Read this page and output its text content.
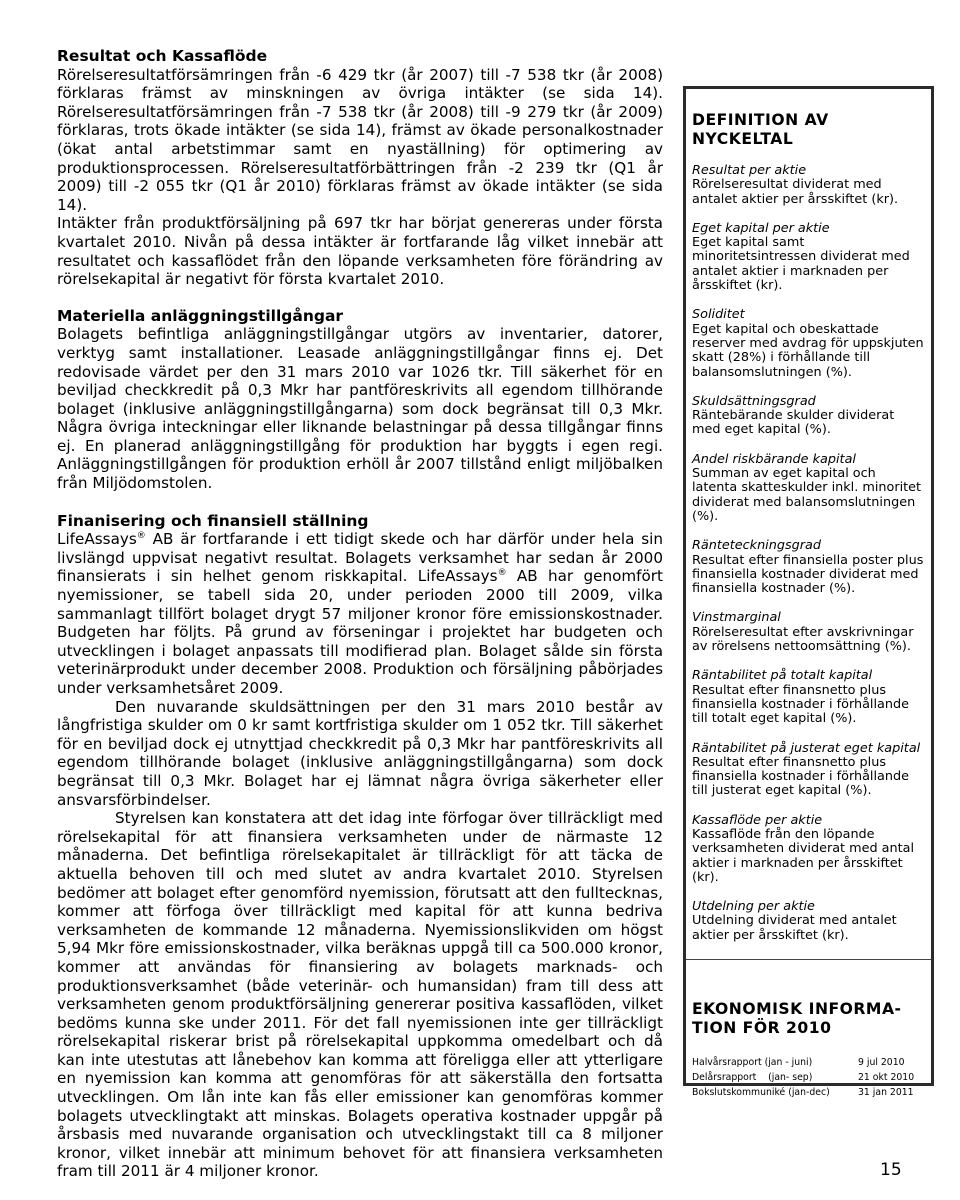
Resultat och Kassaflöde

Rörelseresultatförsämringen från -6 429 tkr (år 2007) till -7 538 tkr (år 2008) förklaras främst av minskningen av övriga intäkter (se sida 14). Rörelseresultatförsämringen från -7 538 tkr (år 2008) till -9 279 tkr (år 2009) förklaras, trots ökade intäkter (se sida 14), främst av ökade personalkostnader (ökat antal arbetstimmar samt en nyaställning) för optimering av produktionsprocessen. Rörelseresultatförbättringen från -2 239 tkr (Q1 år 2009) till -2 055 tkr (Q1 år 2010) förklaras främst av ökade intäkter (se sida 14).

Intäkter från produktförsäljning på 697 tkr har börjat genereras under första kvartalet 2010. Nivån på dessa intäkter är fortfarande låg vilket innebär att resultatet och kassaflödet från den löpande verksamheten före förändring av rörelsekapital är negativt för första kvartalet 2010.

Materiella anläggningstillgångar

Bolagets befintliga anläggningstillgångar utgörs av inventarier, datorer, verktyg samt installationer. Leasade anläggningstillgångar finns ej. Det redovisade värdet per den 31 mars 2010 var 1026 tkr. Till säkerhet för en beviljad checkkredit på 0,3 Mkr har pantföreskrivits all egendom tillhörande bolaget (inklusive anläggningstillgångarna) som dock begränsat till 0,3 Mkr. Några övriga inteckningar eller liknande belastningar på dessa tillgångar finns ej. En planerad anläggningstillgång för produktion har byggts i egen regi. Anläggningstillgången för produktion erhöll år 2007 tillstånd enligt miljöbalken från Miljödomstolen.

Finanisering och finansiell ställning

LifeAssays® AB är fortfarande i ett tidigt skede och har därför under hela sin livslängd uppvisat negativt resultat. Bolagets verksamhet har sedan år 2000 finansierats i sin helhet genom riskkapital. LifeAssays® AB har genomfört nyemissioner, se tabell sida 20, under perioden 2000 till 2009, vilka sammanlagt tillfört bolaget drygt 57 miljoner kronor före emissionskostnader. Budgeten har följts. På grund av förseningar i projektet har budgeten och utvecklingen i bolaget anpassats till modifierad plan. Bolaget sålde sin första veterinärprodukt under december 2008. Produktion och försäljning påbörjades under verksamhetsåret 2009.

Den nuvarande skuldsättningen per den 31 mars 2010 består av långfristiga skulder om 0 kr samt kortfristiga skulder om 1 052 tkr. Till säkerhet för en beviljad dock ej utnyttjad checkkredit på 0,3 Mkr har pantföreskrivits all egendom tillhörande bolaget (inklusive anläggningstillgångarna) som dock begränsat till 0,3 Mkr. Bolaget har ej lämnat några övriga säkerheter eller ansvarsförbindelser.

Styrelsen kan konstatera att det idag inte förfogar över tillräckligt med rörelsekapital för att finansiera verksamheten under de närmaste 12 månaderna. Det befintliga rörelsekapitalet är tillräckligt för att täcka de aktuella behoven till och med slutet av andra kvartalet 2010. Styrelsen bedömer att bolaget efter genomförd nyemission, förutsatt att den fulltecknas, kommer att förfoga över tillräckligt med kapital för att kunna bedriva verksamheten de kommande 12 månaderna. Nyemissionslikviden om högst 5,94 Mkr före emissionskostnader, vilka beräknas uppgå till ca 500.000 kronor, kommer att användas för finansiering av bolagets marknads- och produktionsverksamhet (både veterinär- och humansidan) fram till dess att verksamheten genom produktförsäljning genererar positiva kassaflöden, vilket bedöms kunna ske under 2011. För det fall nyemissionen inte ger tillräckligt rörelsekapital riskerar brist på rörelsekapital uppkomma omedelbart och då kan inte utestutas att lånebehov kan komma att föreligga eller att ytterligare en nyemission kan komma att genomföras för att säkerställa den fortsatta utvecklingen. Om lån inte kan fås eller emissioner kan genomföras kommer bolagets utvecklingtakt att minskas. Bolagets operativa kostnader uppgår på årsbasis med nuvarande organisation och utvecklingstakt till ca 8 miljoner kronor, vilket innebär att minimum behovet för att finansiera verksamheten fram till 2011 är 4 miljoner kronor.

DEFINITION AV
NYCKELTAL
Resultat per aktie
Rörelseresultat dividerat med antalet aktier per årsskiftet (kr).
Eget kapital per aktie
Eget kapital samt minoritetsintressen dividerat med antalet aktier i marknaden per årsskiftet (kr).
Soliditet
Eget kapital och obeskattade reserver med avdrag för uppskjuten skatt (28%) i förhållande till balansomslutningen (%).
Skuldsättningsgrad
Räntebärande skulder dividerat med eget kapital (%).
Andel riskbärande kapital
Summan av eget kapital och latenta skatteskulder inkl. minoritet dividerat med balansomslutningen (%).
Ränteteckningsgrad
Resultat efter finansiella poster plus finansiella kostnader dividerat med finansiella kostnader (%).
Vinstmarginal
Rörelseresultat efter avskrivningar av rörelsens nettoomsättning (%).
Räntabilitet på totalt kapital
Resultat efter finansnetto plus finansiella kostnader i förhållande till totalt eget kapital (%).
Räntabilitet på justerat eget kapital
Resultat efter finansnetto plus finansiella kostnader i förhållande till justerat eget kapital (%).
Kassaflöde per aktie
Kassaflöde från den löpande verksamheten dividerat med antal aktier i marknaden per årsskiftet (kr).
Utdelning per aktie
Utdelning dividerat med antalet aktier per årsskiftet (kr).
EKONOMISK INFORMA-
TION FÖR 2010
Halvårsrapport (jan - juni)	9 jul 2010
Delårsrapport    (jan- sep)	21 okt 2010
Bokslutskommuniké (jan-dec)	31 jan 2011
15
